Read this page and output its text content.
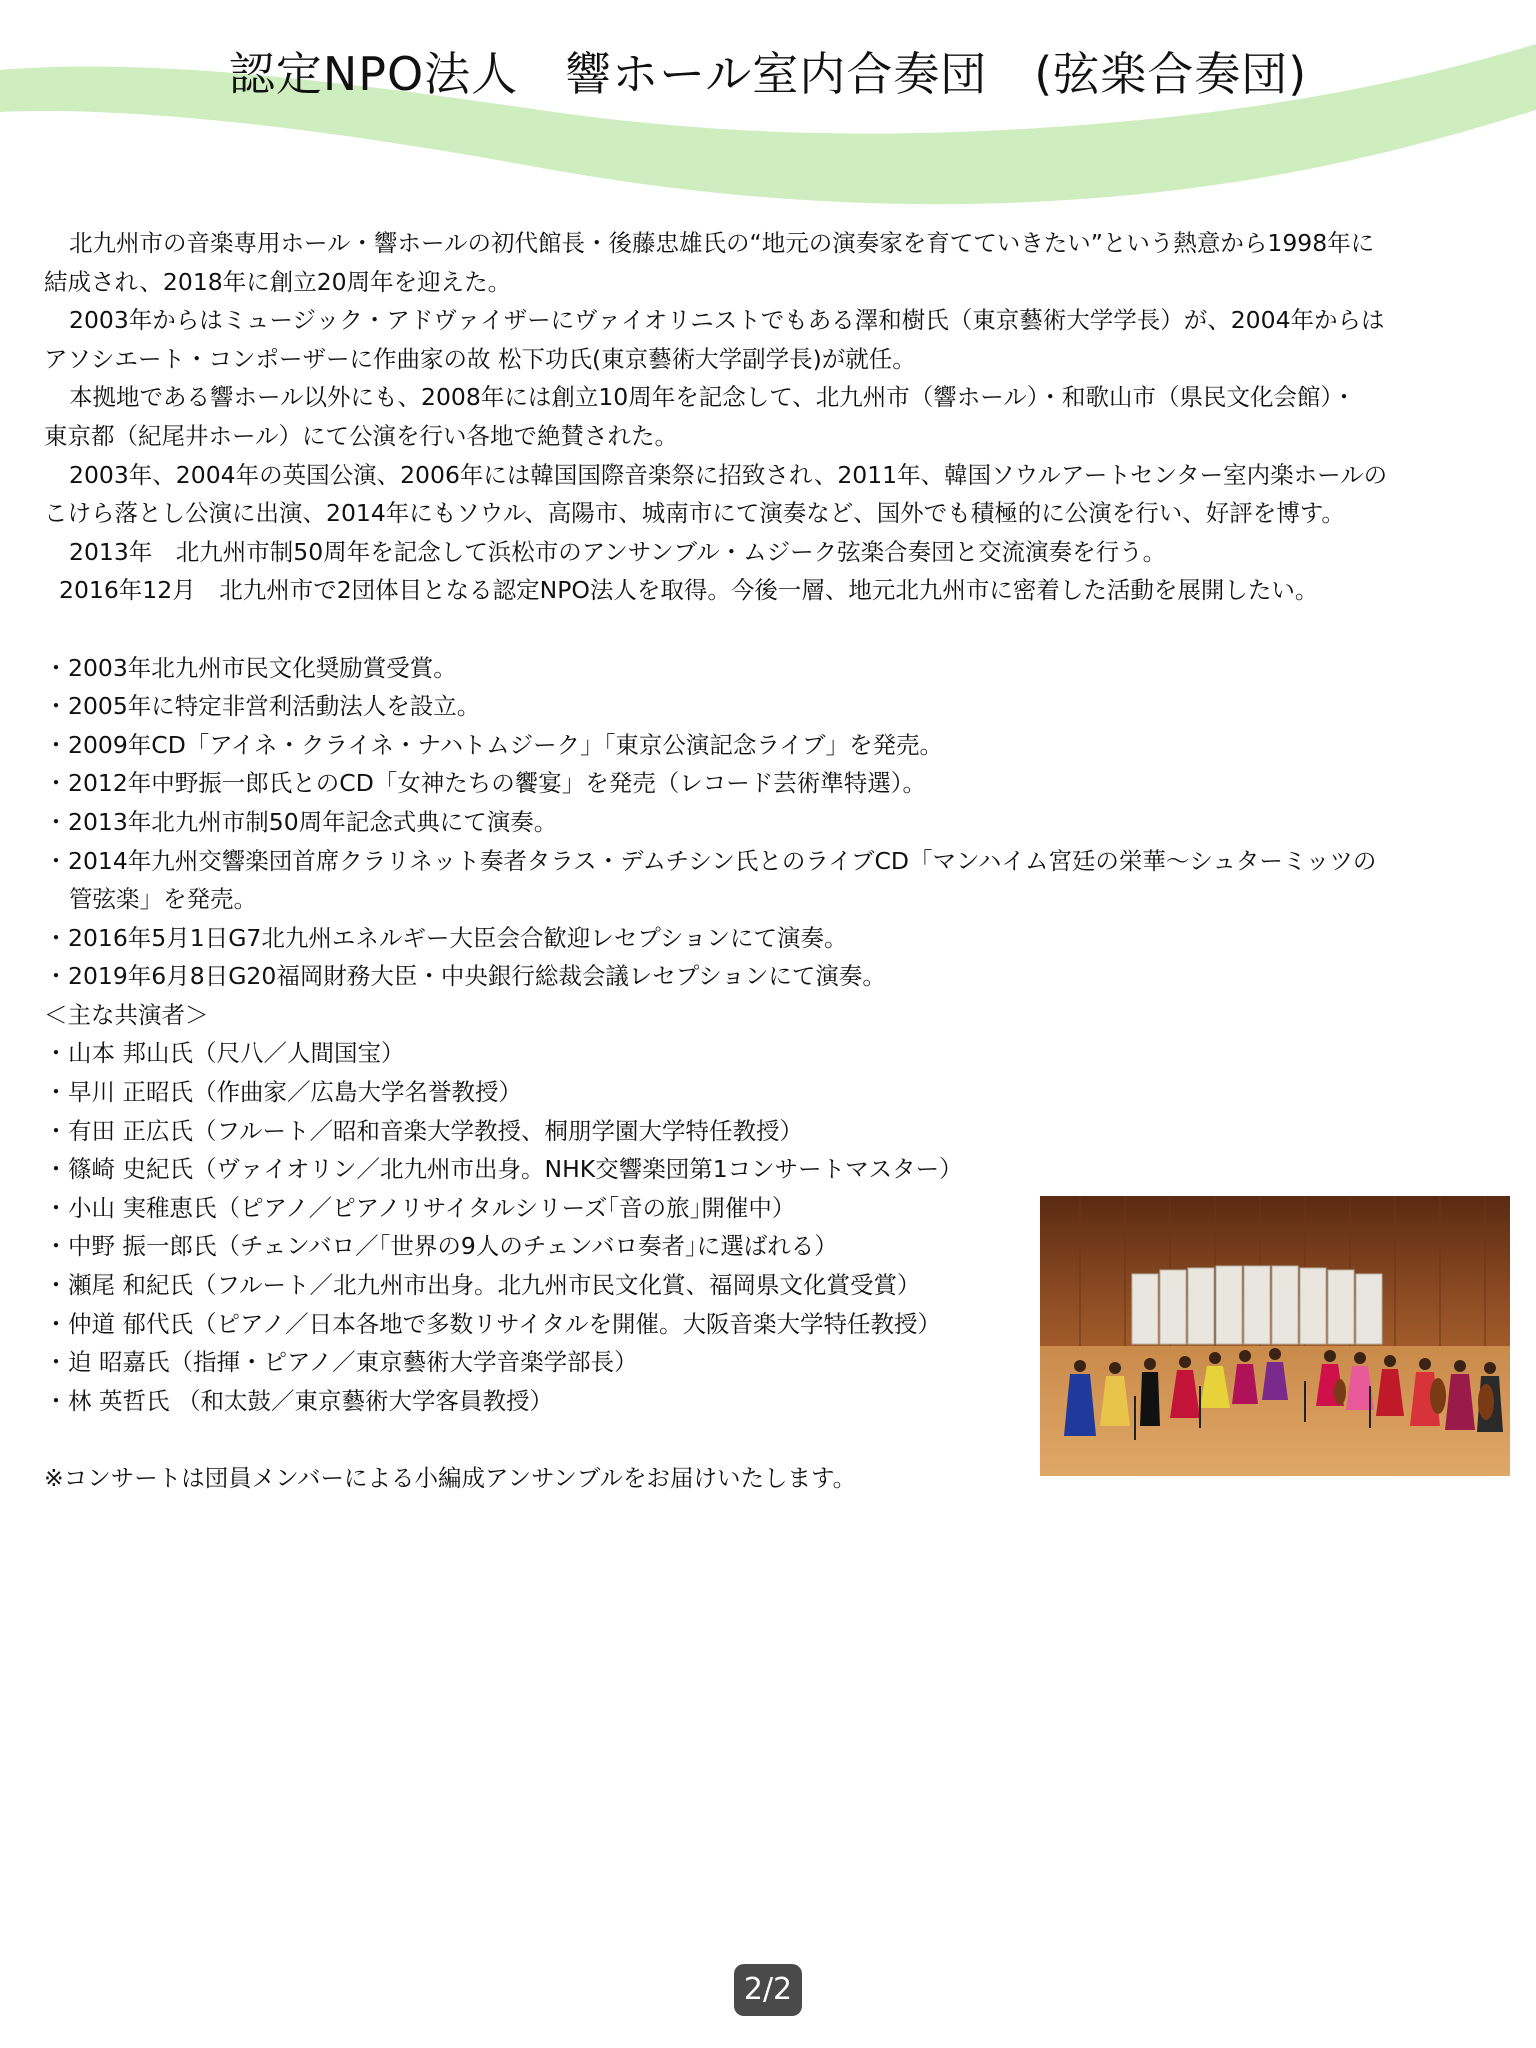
認定NPO法人　響ホール室内合奏団　(弦楽合奏団)

北九州市の音楽専用ホール・響ホールの初代館長・後藤忠雄氏の“地元の演奏家を育てていきたい”という熱意から1998年に

結成され、2018年に創立20周年を迎えた。

2003年からはミュージック・アドヴァイザーにヴァイオリニストでもある澤和樹氏（東京藝術大学学長）が、2004年からは

アソシエート・コンポーザーに作曲家の故 松下功氏(東京藝術大学副学長)が就任。

本拠地である響ホール以外にも、2008年には創立10周年を記念して、北九州市（響ホール）・和歌山市（県民文化会館）・

東京都（紀尾井ホール）にて公演を行い各地で絶賛された。

2003年、2004年の英国公演、2006年には韓国国際音楽祭に招致され、2011年、韓国ソウルアートセンター室内楽ホールの

こけら落とし公演に出演、2014年にもソウル、高陽市、城南市にて演奏など、国外でも積極的に公演を行い、好評を博す。

2013年　北九州市制50周年を記念して浜松市のアンサンブル・ムジーク弦楽合奏団と交流演奏を行う。

2016年12月　北九州市で2団体目となる認定NPO法人を取得。今後一層、地元北九州市に密着した活動を展開したい。

・2003年北九州市民文化奨励賞受賞。

・2005年に特定非営利活動法人を設立。

・2009年CD「アイネ・クライネ・ナハトムジーク」「東京公演記念ライブ」を発売。

・2012年中野振一郎氏とのCD「女神たちの饗宴」を発売（レコード芸術準特選）。

・2013年北九州市制50周年記念式典にて演奏。

・2014年九州交響楽団首席クラリネット奏者タラス・デムチシン氏とのライブCD「マンハイム宮廷の栄華～シュターミッツの

管弦楽」を発売。

・2016年5月1日G7北九州エネルギー大臣会合歓迎レセプションにて演奏。

・2019年6月8日G20福岡財務大臣・中央銀行総裁会議レセプションにて演奏。

＜主な共演者＞

・山本 邦山氏（尺八／人間国宝）

・早川 正昭氏（作曲家／広島大学名誉教授）

・有田 正広氏（フルート／昭和音楽大学教授、桐朋学園大学特任教授）

・篠崎 史紀氏（ヴァイオリン／北九州市出身。NHK交響楽団第1コンサートマスター）

・小山 実稚恵氏（ピアノ／ピアノリサイタルシリーズ｢音の旅｣開催中）

・中野 振一郎氏（チェンバロ／｢世界の9人のチェンバロ奏者｣に選ばれる）

・瀬尾 和紀氏（フルート／北九州市出身。北九州市民文化賞、福岡県文化賞受賞）

・仲道 郁代氏（ピアノ／日本各地で多数リサイタルを開催。大阪音楽大学特任教授）

・迫 昭嘉氏（指揮・ピアノ／東京藝術大学音楽学部長）

・林 英哲氏 （和太鼓／東京藝術大学客員教授）

※コンサートは団員メンバーによる小編成アンサンブルをお届けいたします。

2/2
